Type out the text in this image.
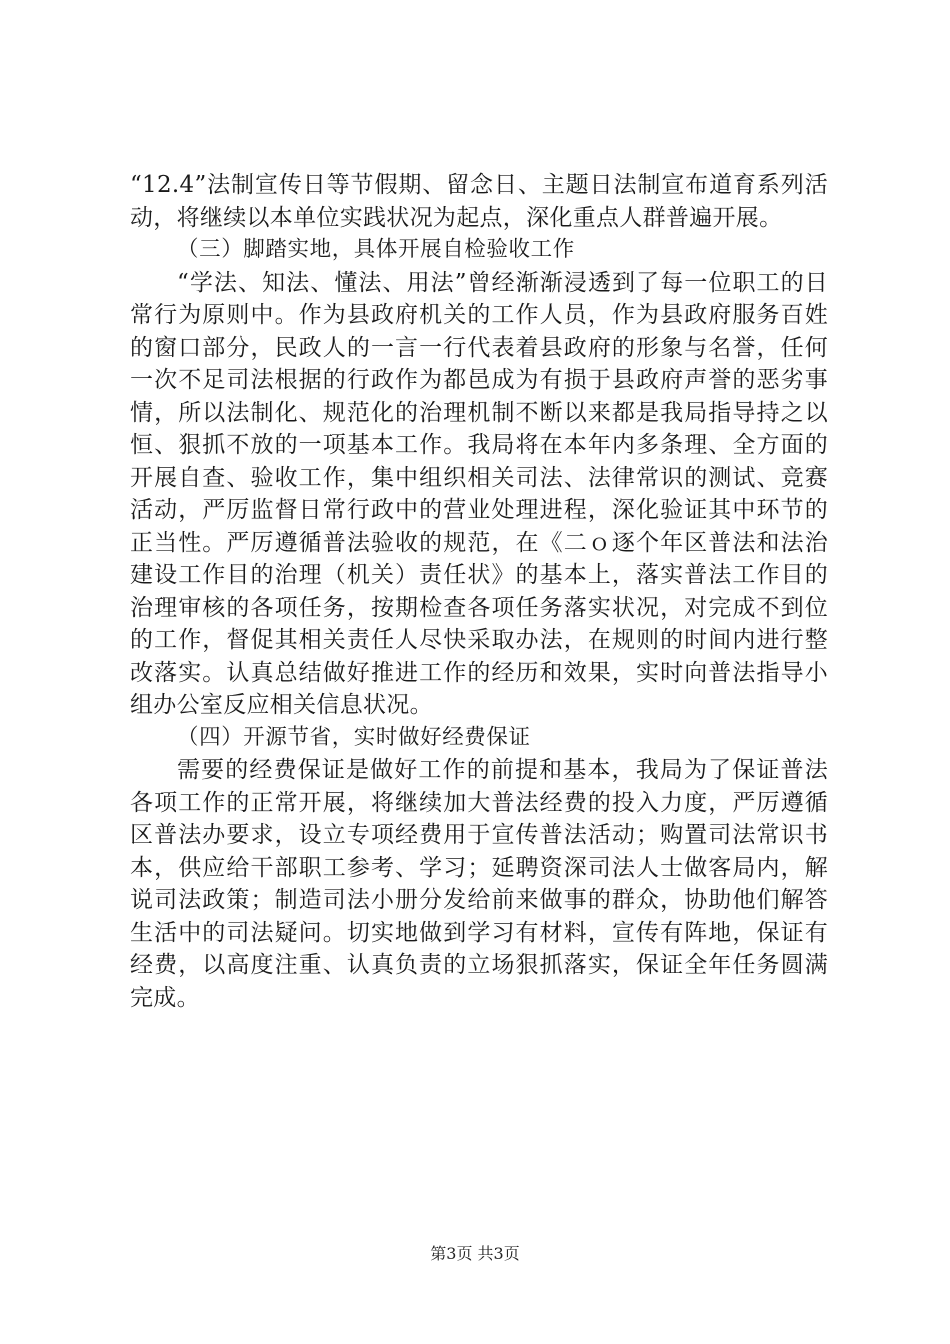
“12.4”法制宣传日等节假期、留念日、主题日法制宣布道育系列活动，将继续以本单位实践状况为起点，深化重点人群普遍开展。

（三）脚踏实地，具体开展自检验收工作

“学法、知法、懂法、用法”曾经渐渐浸透到了每一位职工的日常行为原则中。作为县政府机关的工作人员，作为县政府服务百姓的窗口部分，民政人的一言一行代表着县政府的形象与名誉，任何一次不足司法根据的行政作为都邑成为有损于县政府声誉的恶劣事情，所以法制化、规范化的治理机制不断以来都是我局指导持之以恒、狠抓不放的一项基本工作。我局将在本年内多条理、全方面的开展自查、验收工作，集中组织相关司法、法律常识的测试、竞赛活动，严厉监督日常行政中的营业处理进程，深化验证其中环节的正当性。严厉遵循普法验收的规范，在《二ｏ逐个年区普法和法治建设工作目的治理（机关）责任状》的基本上，落实普法工作目的治理审核的各项任务，按期检查各项任务落实状况，对完成不到位的工作，督促其相关责任人尽快采取办法，在规则的时间内进行整改落实。认真总结做好推进工作的经历和效果，实时向普法指导小组办公室反应相关信息状况。

（四）开源节省，实时做好经费保证

需要的经费保证是做好工作的前提和基本，我局为了保证普法各项工作的正常开展，将继续加大普法经费的投入力度，严厉遵循区普法办要求，设立专项经费用于宣传普法活动；购置司法常识书本，供应给干部职工参考、学习；延聘资深司法人士做客局内，解说司法政策；制造司法小册分发给前来做事的群众，协助他们解答生活中的司法疑问。切实地做到学习有材料，宣传有阵地，保证有经费，以高度注重、认真负责的立场狠抓落实，保证全年任务圆满完成。

第3页 共3页
